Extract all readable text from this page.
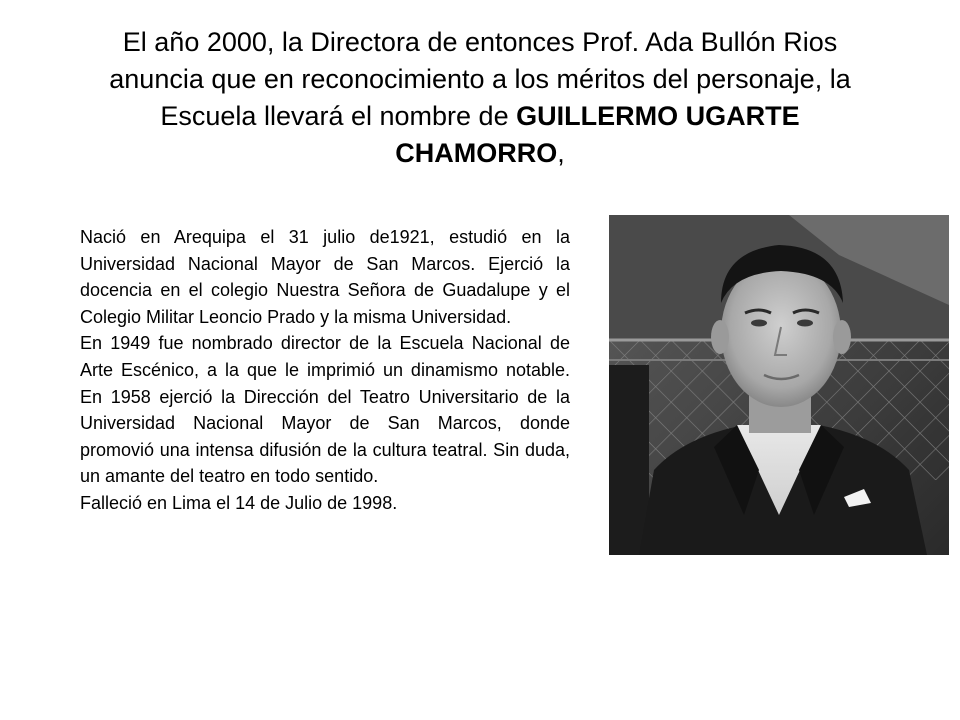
El año 2000, la Directora de entonces Prof. Ada Bullón Rios anuncia que en reconocimiento a los méritos del personaje, la Escuela llevará el nombre de GUILLERMO UGARTE CHAMORRO,

Nació en Arequipa el 31 julio de1921, estudió en la Universidad Nacional Mayor de San Marcos. Ejerció la docencia en el colegio Nuestra Señora de Guadalupe y el Colegio Militar Leoncio Prado y la misma Universidad.

En 1949 fue nombrado director de la Escuela Nacional de Arte Escénico, a la que le imprimió un dinamismo notable. En 1958 ejerció la Dirección del Teatro Universitario de la Universidad Nacional Mayor de San Marcos, donde promovió una intensa difusión de la cultura teatral. Sin duda, un amante del teatro en todo sentido.

Falleció en Lima el 14 de Julio de 1998.
